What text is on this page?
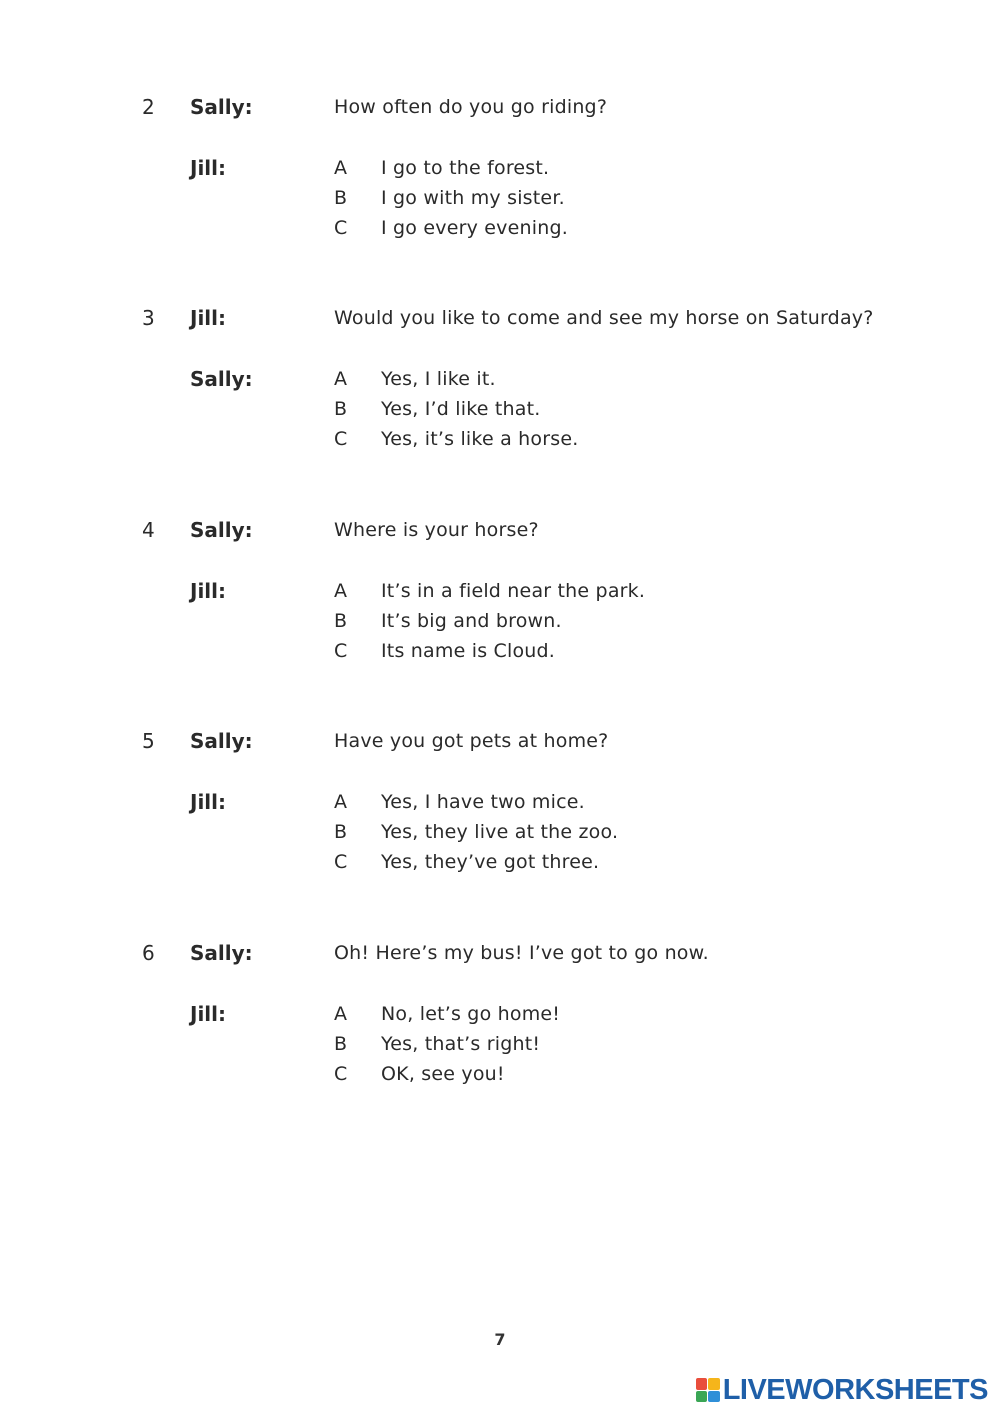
2 Sally:	How often do you go riding?
Jill:	A I go to the forest.
B I go with my sister.
C I go every evening.
3 Jill:	Would you like to come and see my horse on Saturday?
Sally:	A Yes, I like it.
B Yes, I’d like that.
C Yes, it’s like a horse.
4 Sally:	Where is your horse?
Jill:	A It’s in a field near the park.
B It’s big and brown.
C Its name is Cloud.
5 Sally:	Have you got pets at home?
Jill:	A Yes, I have two mice.
B Yes, they live at the zoo.
C Yes, they’ve got three.
6 Sally:	Oh! Here’s my bus! I’ve got to go now.
Jill:	A No, let’s go home!
B Yes, that’s right!
C OK, see you!
7
LIVEWORKSHEETS
